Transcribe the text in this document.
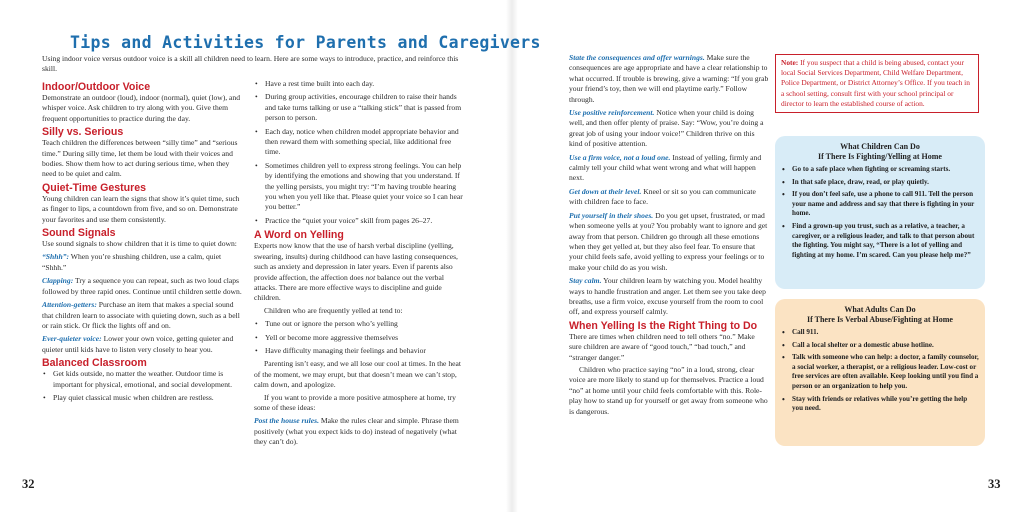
Tips and Activities for Parents and Caregivers
Using indoor voice versus outdoor voice is a skill all children need to learn. Here are some ways to introduce, practice, and reinforce this skill.
Indoor/Outdoor Voice

Demonstrate an outdoor (loud), indoor (normal), quiet (low), and whisper voice. Ask children to try along with you. Give them frequent opportunities to practice during the day.

Silly vs. Serious

Teach children the differences between “silly time” and “serious time.” During silly time, let them be loud with their voices and bodies. Show them how to act during serious time, when they need to be quiet and calm.

Quiet-Time Gestures

Young children can learn the signs that show it’s quiet time, such as finger to lips, a countdown from five, and so on. Demonstrate your favorites and use them consistently.

Sound Signals

Use sound signals to show children that it is time to quiet down:

“Shhh”: When you’re shushing children, use a calm, quiet “Shhh.”

Clapping: Try a sequence you can repeat, such as two loud claps followed by three rapid ones. Continue until children settle down.

Attention-getters: Purchase an item that makes a special sound that children learn to associate with quieting down, such as a bell or rain stick. Or flick the lights off and on.

Ever-quieter voice: Lower your own voice, getting quieter and quieter until kids have to listen very closely to hear you.

Balanced Classroom
• Get kids outside, no matter the weather. Outdoor time is important for physical, emotional, and social development.
• Play quiet classical music when children are restless.
• Have a rest time built into each day.
• During group activities, encourage children to raise their hands and take turns talking or use a “talking stick” that is passed from person to person.
• Each day, notice when children model appropriate behavior and then reward them with something special, like additional free time.
• Sometimes children yell to express strong feelings. You can help by identifying the emotions and showing that you understand. If the yelling persists, you might try: “I’m having trouble hearing you when you yell like that. Please quiet your voice so I can hear you better.”
• Practice the “quiet your voice” skill from pages 26–27.
A Word on Yelling

Experts now know that the use of harsh verbal discipline (yelling, swearing, insults) during childhood can have lasting consequences, such as anxiety and depression in later years. Even if parents also provide affection, the affection does not balance out the verbal attacks. There are more effective ways to discipline and guide children.

Children who are frequently yelled at tend to:

• Tune out or ignore the person who’s yelling
• Yell or become more aggressive themselves
• Have difficulty managing their feelings and behavior

Parenting isn’t easy, and we all lose our cool at times. In the heat of the moment, we may erupt, but that doesn’t mean we can’t stop, calm down, and apologize.

If you want to provide a more positive atmosphere at home, try some of these ideas:

Post the house rules. Make the rules clear and simple. Phrase them positively (what you expect kids to do) instead of negatively (what they can’t do).

32

State the consequences and offer warnings. Make sure the consequences are age appropriate and have a clear relationship to what occurred. If trouble is brewing, give a warning: “If you grab your friend’s toy, then we will end playtime early.” Follow through.

Use positive reinforcement. Notice when your child is doing well, and then offer plenty of praise. Say: “Wow, you’re doing a great job of using your indoor voice!” Children thrive on this kind of positive attention.

Use a firm voice, not a loud one. Instead of yelling, firmly and calmly tell your child what went wrong and what will happen next.

Get down at their level. Kneel or sit so you can communicate with children face to face.

Put yourself in their shoes. Do you get upset, frustrated, or mad when someone yells at you? You probably want to ignore and get away from that person. Children go through all these emotions when they get yelled at, but they also feel fear. To ensure that your child feels safe, avoid yelling to express your feelings or to make your child do as you wish.

Stay calm. Your children learn by watching you. Model healthy ways to handle frustration and anger. Let them see you take deep breaths, use a firm voice, excuse yourself from the room to cool off, and express yourself calmly.

When Yelling Is the Right Thing to Do

There are times when children need to tell others “no.” Make sure children are aware of “good touch,” “bad touch,” and “stranger danger.”

Children who practice saying “no” in a loud, strong, clear voice are more likely to stand up for themselves. Practice a loud “no” at home until your child feels comfortable with this. Role-play how to stand up for yourself or get away from someone who is dangerous.

Note: If you suspect that a child is being abused, contact your local Social Services Department, Child Welfare Department, Police Department, or District Attorney’s Office. If you teach in a school setting, consult first with your school principal or director to learn the established course of action.
What Children Can Do
If There Is Fighting/Yelling at Home
• Go to a safe place when fighting or screaming starts.
• In that safe place, draw, read, or play quietly.
• If you don’t feel safe, use a phone to call 911. Tell the person your name and address and say that there is fighting in your home.
• Find a grown-up you trust, such as a relative, a teacher, a caregiver, or a religious leader, and talk to that person about the fighting. You might say, “There is a lot of yelling and fighting at my home. I’m scared. Can you please help me?”
What Adults Can Do
If There Is Verbal Abuse/Fighting at Home
• Call 911.
• Call a local shelter or a domestic abuse hotline.
• Talk with someone who can help: a doctor, a family counselor, a social worker, a therapist, or a religious leader. Low-cost or free services are often available. Keep looking until you find a person or an organization to help you.
• Stay with friends or relatives while you’re getting the help you need.
33
